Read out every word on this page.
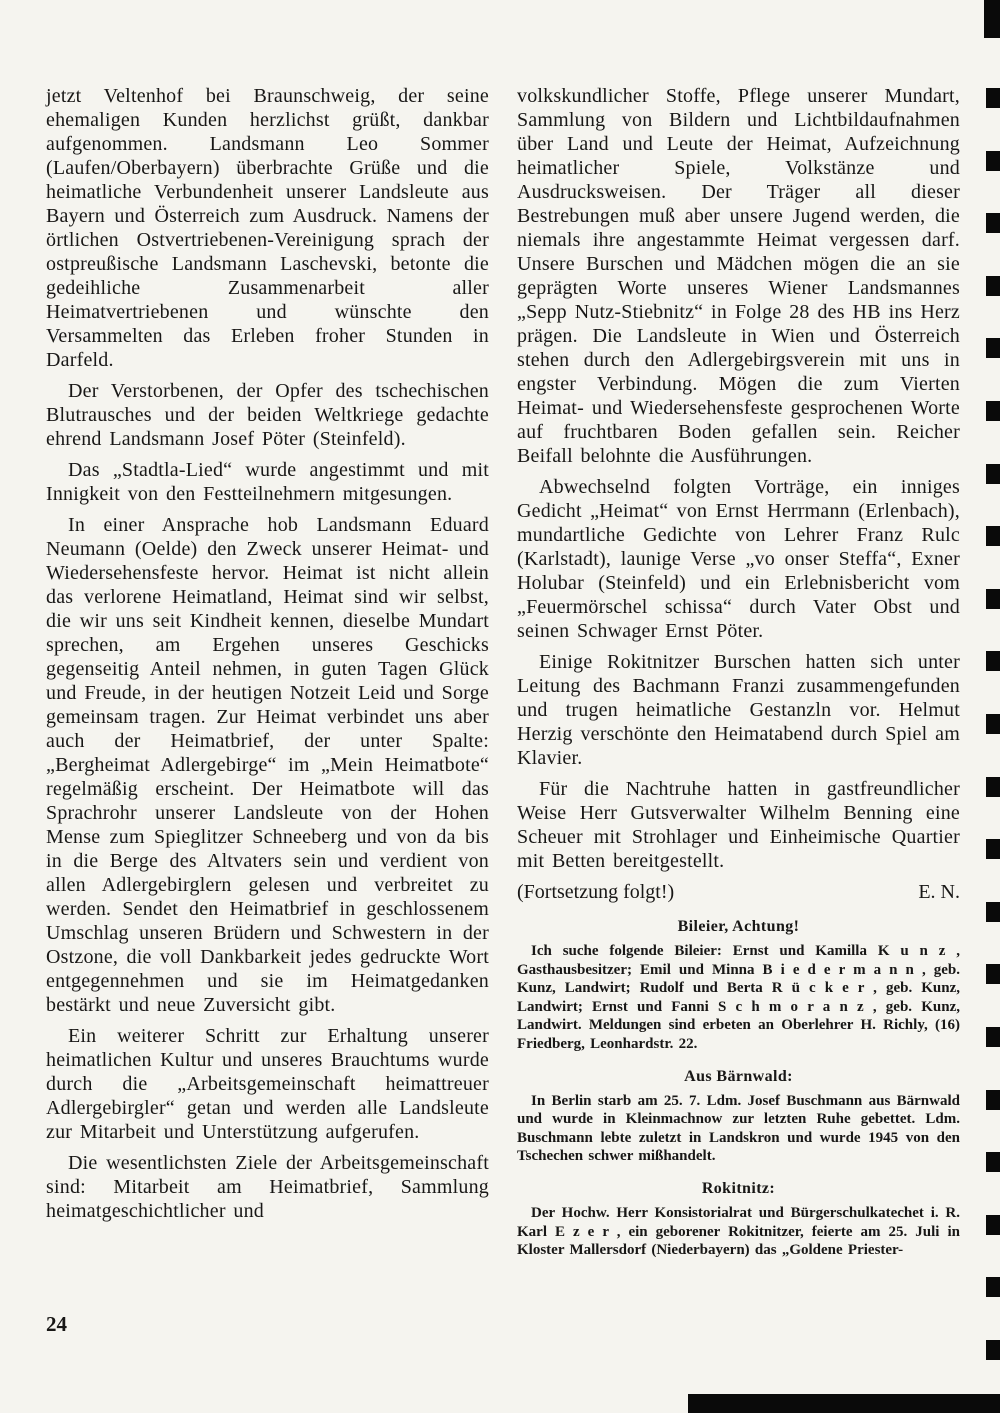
jetzt Veltenhof bei Braunschweig, der seine ehemaligen Kunden herzlichst grüßt, dankbar aufgenommen. Landsmann Leo Sommer (Laufen/Oberbayern) überbrachte Grüße und die heimatliche Verbundenheit unserer Landsleute aus Bayern und Österreich zum Ausdruck. Namens der örtlichen Ostvertriebenen-Vereinigung sprach der ostpreußische Landsmann Laschevski, betonte die gedeihliche Zusammenarbeit aller Heimatvertriebenen und wünschte den Versammelten das Erleben froher Stunden in Darfeld.

Der Verstorbenen, der Opfer des tschechischen Blutrausches und der beiden Weltkriege gedachte ehrend Landsmann Josef Pöter (Steinfeld).

Das „Stadtla-Lied“ wurde angestimmt und mit Innigkeit von den Festteilnehmern mitgesungen.

In einer Ansprache hob Landsmann Eduard Neumann (Oelde) den Zweck unserer Heimat- und Wiedersehensfeste hervor. Heimat ist nicht allein das verlorene Heimatland, Heimat sind wir selbst, die wir uns seit Kindheit kennen, dieselbe Mundart sprechen, am Ergehen unseres Geschicks gegenseitig Anteil nehmen, in guten Tagen Glück und Freude, in der heutigen Notzeit Leid und Sorge gemeinsam tragen. Zur Heimat verbindet uns aber auch der Heimatbrief, der unter Spalte: „Bergheimat Adlergebirge“ im „Mein Heimatbote“ regelmäßig erscheint. Der Heimatbote will das Sprachrohr unserer Landsleute von der Hohen Mense zum Spieglitzer Schneeberg und von da bis in die Berge des Altvaters sein und verdient von allen Adlergebirglern gelesen und verbreitet zu werden. Sendet den Heimatbrief in geschlossenem Umschlag unseren Brüdern und Schwestern in der Ostzone, die voll Dankbarkeit jedes gedruckte Wort entgegennehmen und sie im Heimatgedanken bestärkt und neue Zuversicht gibt.

Ein weiterer Schritt zur Erhaltung unserer heimatlichen Kultur und unseres Brauchtums wurde durch die „Arbeitsgemeinschaft heimattreuer Adlergebirgler“ getan und werden alle Landsleute zur Mitarbeit und Unterstützung aufgerufen.

Die wesentlichsten Ziele der Arbeitsgemeinschaft sind: Mitarbeit am Heimatbrief, Sammlung heimatgeschichtlicher und

volkskundlicher Stoffe, Pflege unserer Mundart, Sammlung von Bildern und Lichtbildaufnahmen über Land und Leute der Heimat, Aufzeichnung heimatlicher Spiele, Volkstänze und Ausdrucksweisen. Der Träger all dieser Bestrebungen muß aber unsere Jugend werden, die niemals ihre angestammte Heimat vergessen darf. Unsere Burschen und Mädchen mögen die an sie geprägten Worte unseres Wiener Landsmannes „Sepp Nutz-Stiebnitz“ in Folge 28 des HB ins Herz prägen. Die Landsleute in Wien und Österreich stehen durch den Adlergebirgsverein mit uns in engster Verbindung. Mögen die zum Vierten Heimat- und Wiedersehensfeste gesprochenen Worte auf fruchtbaren Boden gefallen sein. Reicher Beifall belohnte die Ausführungen.

Abwechselnd folgten Vorträge, ein inniges Gedicht „Heimat“ von Ernst Herrmann (Erlenbach), mundartliche Gedichte von Lehrer Franz Rulc (Karlstadt), launige Verse „vo onser Steffa“, Exner Holubar (Steinfeld) und ein Erlebnisbericht vom „Feuermörschel schissa“ durch Vater Obst und seinen Schwager Ernst Pöter.

Einige Rokitnitzer Burschen hatten sich unter Leitung des Bachmann Franzi zusammengefunden und trugen heimatliche Gestanzln vor. Helmut Herzig verschönte den Heimatabend durch Spiel am Klavier.

Für die Nachtruhe hatten in gastfreundlicher Weise Herr Gutsverwalter Wilhelm Benning eine Scheuer mit Strohlager und Einheimische Quartier mit Betten bereitgestellt.

(Fortsetzung folgt!)	E. N.
Bileier, Achtung!

Ich suche folgende Bileier: Ernst und Kamilla K u n z , Gasthausbesitzer; Emil und Minna B i e d e r m a n n , geb. Kunz, Landwirt; Rudolf und Berta R ü c k e r , geb. Kunz, Landwirt; Ernst und Fanni S c h m o r a n z , geb. Kunz, Landwirt. Meldungen sind erbeten an Oberlehrer H. Richly, (16) Friedberg, Leonhardstr. 22.

Aus Bärnwald:

In Berlin starb am 25. 7. Ldm. Josef Buschmann aus Bärnwald und wurde in Kleinmachnow zur letzten Ruhe gebettet. Ldm. Buschmann lebte zuletzt in Landskron und wurde 1945 von den Tschechen schwer mißhandelt.

Rokitnitz:

Der Hochw. Herr Konsistorialrat und Bürgerschulkatechet i. R. Karl E z e r , ein geborener Rokitnitzer, feierte am 25. Juli in Kloster Mallersdorf (Niederbayern) das „Goldene Priester-

24
